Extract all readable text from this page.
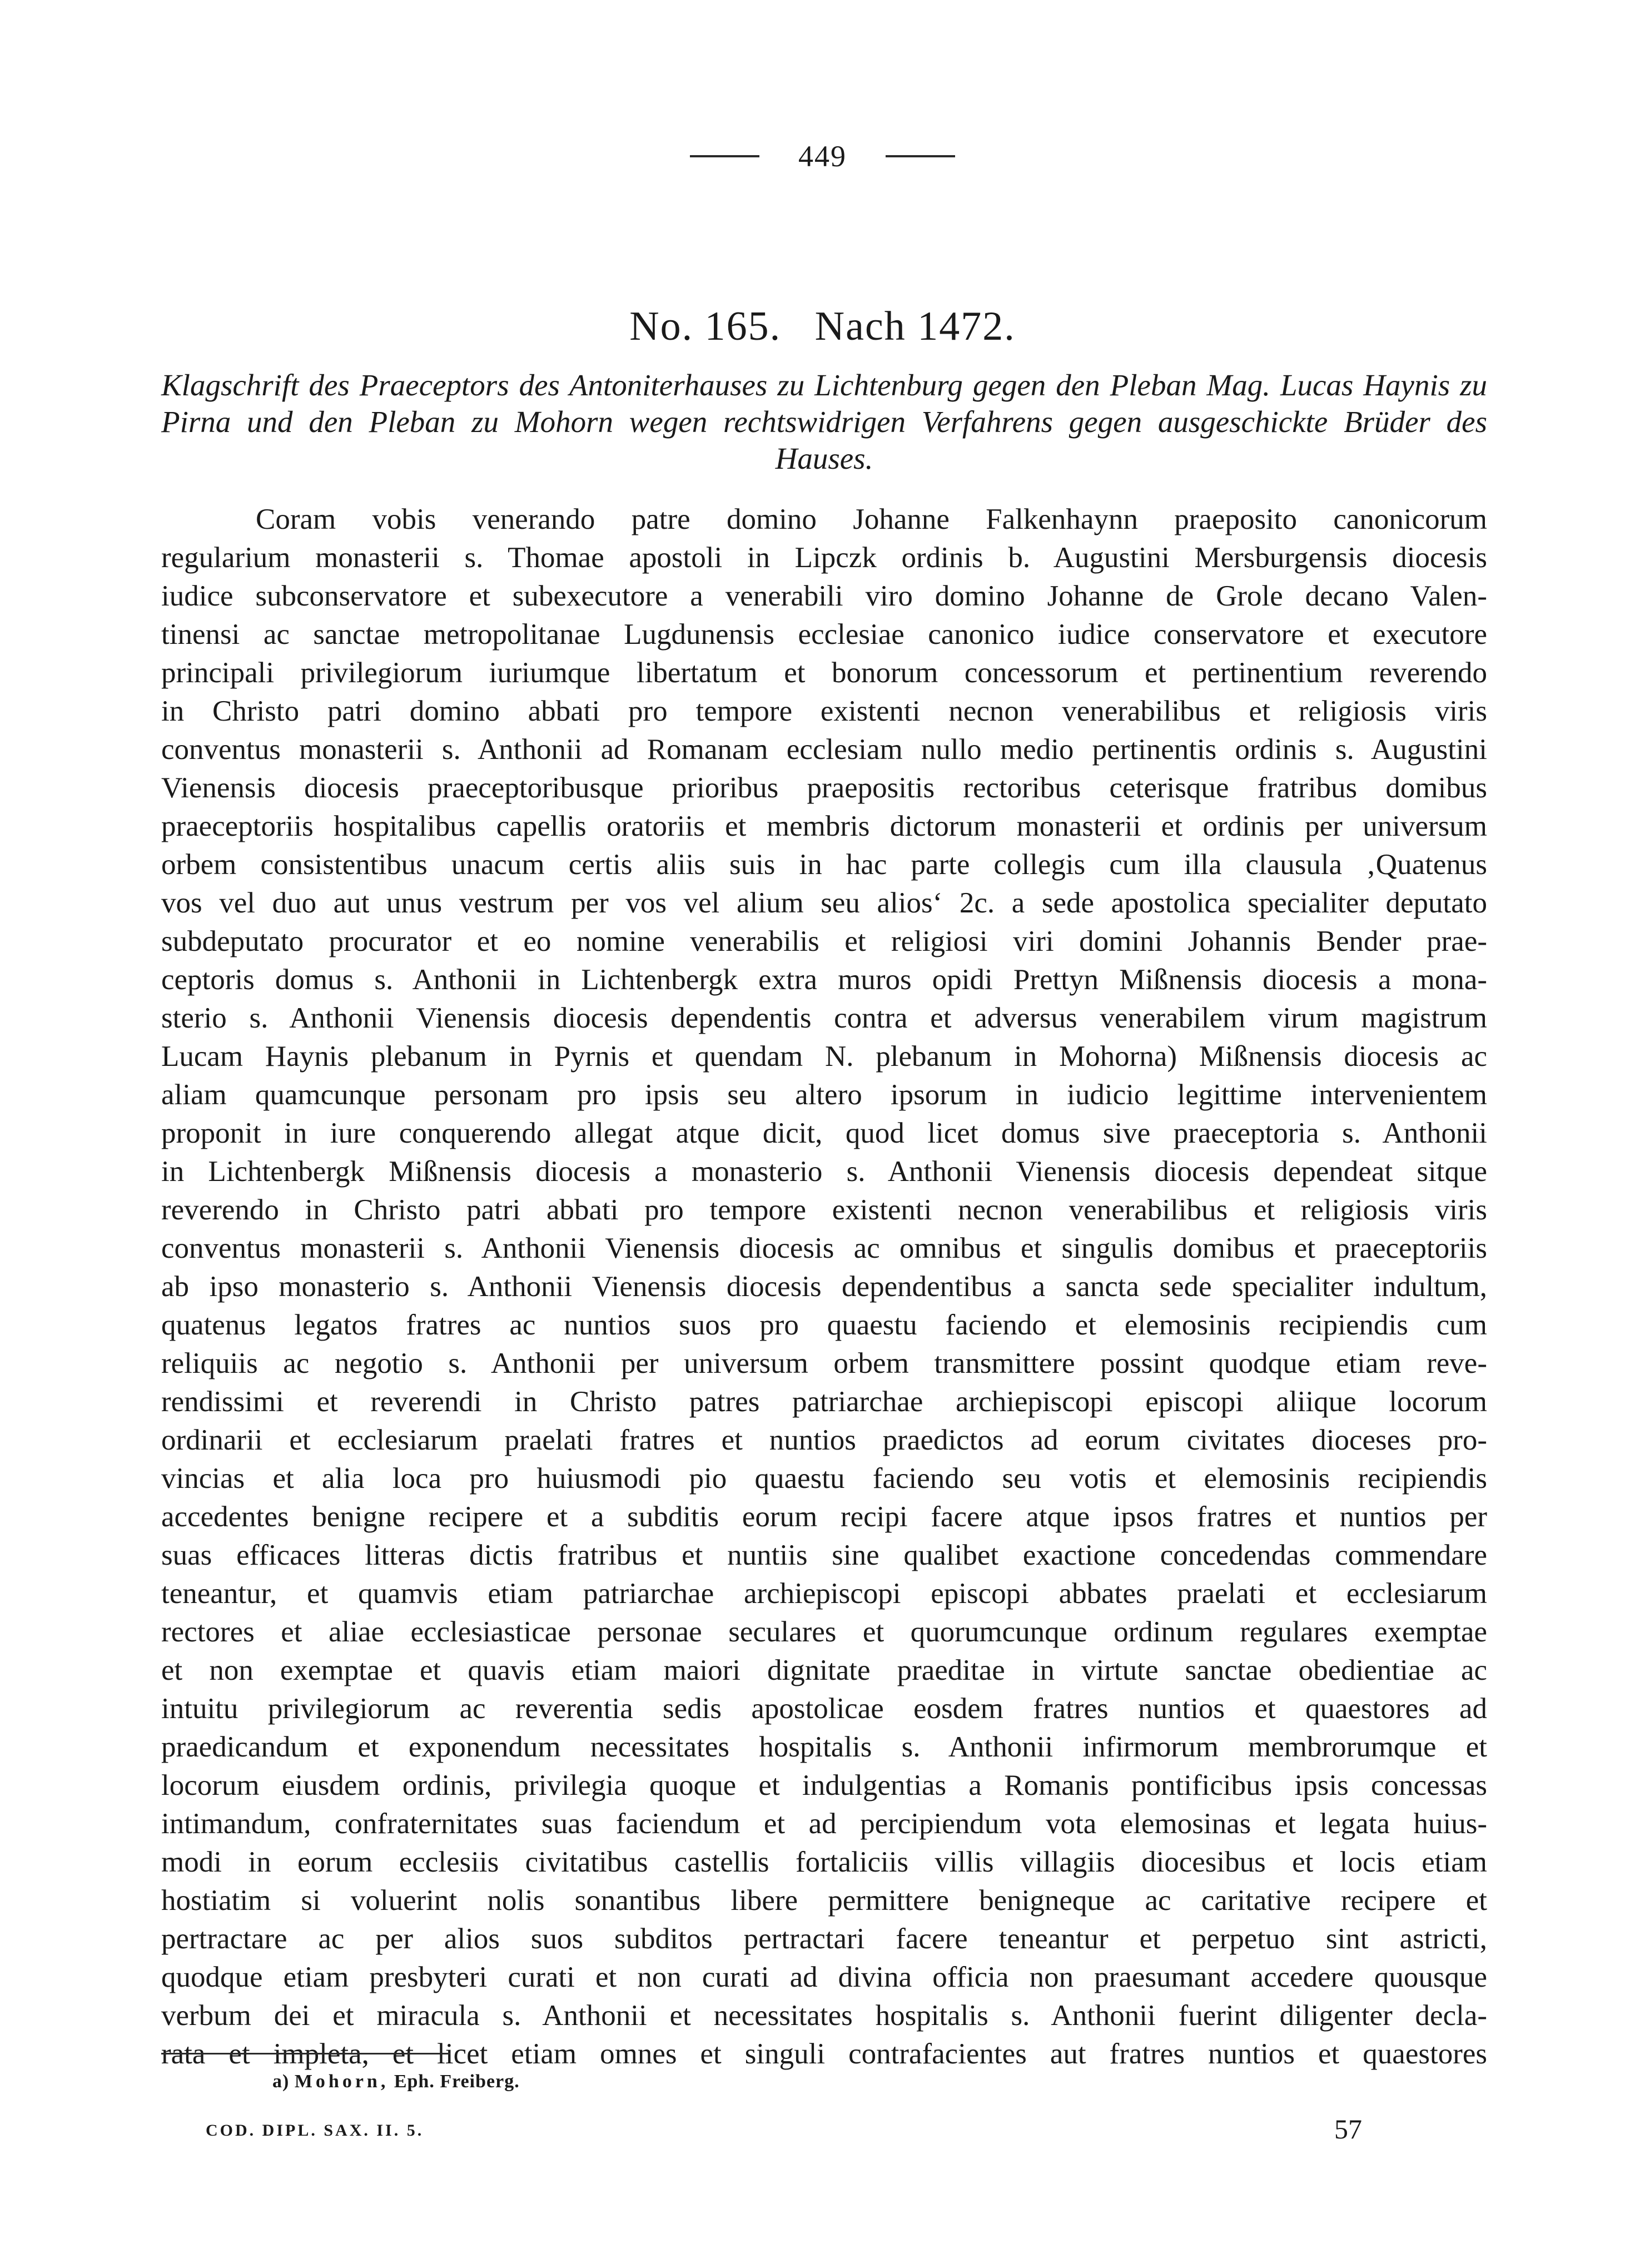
449
No. 165. Nach 1472.
Klagschrift des Praeceptors des Antoniterhauses zu Lichtenburg gegen den Pleban Mag. Lucas Haynis zu Pirna und den Pleban zu Mohorn wegen rechtswidrigen Verfahrens gegen ausgeschickte Brüder des Hauses.
Coram vobis venerando patre domino Johanne Falkenhaynn praeposito canonicorum
regularium monasterii s. Thomae apostoli in Lipczk ordinis b. Augustini Mersburgensis diocesis
iudice subconservatore et subexecutore a venerabili viro domino Johanne de Grole decano Valen-
tinensi ac sanctae metropolitanae Lugdunensis ecclesiae canonico iudice conservatore et executore
principali privilegiorum iuriumque libertatum et bonorum concessorum et pertinentium reverendo
in Christo patri domino abbati pro tempore existenti necnon venerabilibus et religiosis viris
conventus monasterii s. Anthonii ad Romanam ecclesiam nullo medio pertinentis ordinis s. Augustini
Vienensis diocesis praeceptoribusque prioribus praepositis rectoribus ceterisque fratribus domibus
praeceptoriis hospitalibus capellis oratoriis et membris dictorum monasterii et ordinis per universum
orbem consistentibus unacum certis aliis suis in hac parte collegis cum illa clausula ‚Quatenus
vos vel duo aut unus vestrum per vos vel alium seu alios‘ 2c. a sede apostolica specialiter deputato
subdeputato procurator et eo nomine venerabilis et religiosi viri domini Johannis Bender prae-
ceptoris domus s. Anthonii in Lichtenbergk extra muros opidi Prettyn Mißnensis diocesis a mona-
sterio s. Anthonii Vienensis diocesis dependentis contra et adversus venerabilem virum magistrum
Lucam Haynis plebanum in Pyrnis et quendam N. plebanum in Mohorna) Mißnensis diocesis ac
aliam quamcunque personam pro ipsis seu altero ipsorum in iudicio legittime intervenientem
proponit in iure conquerendo allegat atque dicit, quod licet domus sive praeceptoria s. Anthonii
in Lichtenbergk Mißnensis diocesis a monasterio s. Anthonii Vienensis diocesis dependeat sitque
reverendo in Christo patri abbati pro tempore existenti necnon venerabilibus et religiosis viris
conventus monasterii s. Anthonii Vienensis diocesis ac omnibus et singulis domibus et praeceptoriis
ab ipso monasterio s. Anthonii Vienensis diocesis dependentibus a sancta sede specialiter indultum,
quatenus legatos fratres ac nuntios suos pro quaestu faciendo et elemosinis recipiendis cum
reliquiis ac negotio s. Anthonii per universum orbem transmittere possint quodque etiam reve-
rendissimi et reverendi in Christo patres patriarchae archiepiscopi episcopi aliique locorum
ordinarii et ecclesiarum praelati fratres et nuntios praedictos ad eorum civitates dioceses pro-
vincias et alia loca pro huiusmodi pio quaestu faciendo seu votis et elemosinis recipiendis
accedentes benigne recipere et a subditis eorum recipi facere atque ipsos fratres et nuntios per
suas efficaces litteras dictis fratribus et nuntiis sine qualibet exactione concedendas commendare
teneantur, et quamvis etiam patriarchae archiepiscopi episcopi abbates praelati et ecclesiarum
rectores et aliae ecclesiasticae personae seculares et quorumcunque ordinum regulares exemptae
et non exemptae et quavis etiam maiori dignitate praeditae in virtute sanctae obedientiae ac
intuitu privilegiorum ac reverentia sedis apostolicae eosdem fratres nuntios et quaestores ad
praedicandum et exponendum necessitates hospitalis s. Anthonii infirmorum membrorumque et
locorum eiusdem ordinis, privilegia quoque et indulgentias a Romanis pontificibus ipsis concessas
intimandum, confraternitates suas faciendum et ad percipiendum vota elemosinas et legata huius-
modi in eorum ecclesiis civitatibus castellis fortaliciis villis villagiis diocesibus et locis etiam
hostiatim si voluerint nolis sonantibus libere permittere benigneque ac caritative recipere et
pertractare ac per alios suos subditos pertractari facere teneantur et perpetuo sint astricti,
quodque etiam presbyteri curati et non curati ad divina officia non praesumant accedere quousque
verbum dei et miracula s. Anthonii et necessitates hospitalis s. Anthonii fuerint diligenter decla-
rata et impleta, et licet etiam omnes et singuli contrafacientes aut fratres nuntios et quaestores
a) Mohorn, Eph. Freiberg.
COD. DIPL. SAX. II. 5.	57
